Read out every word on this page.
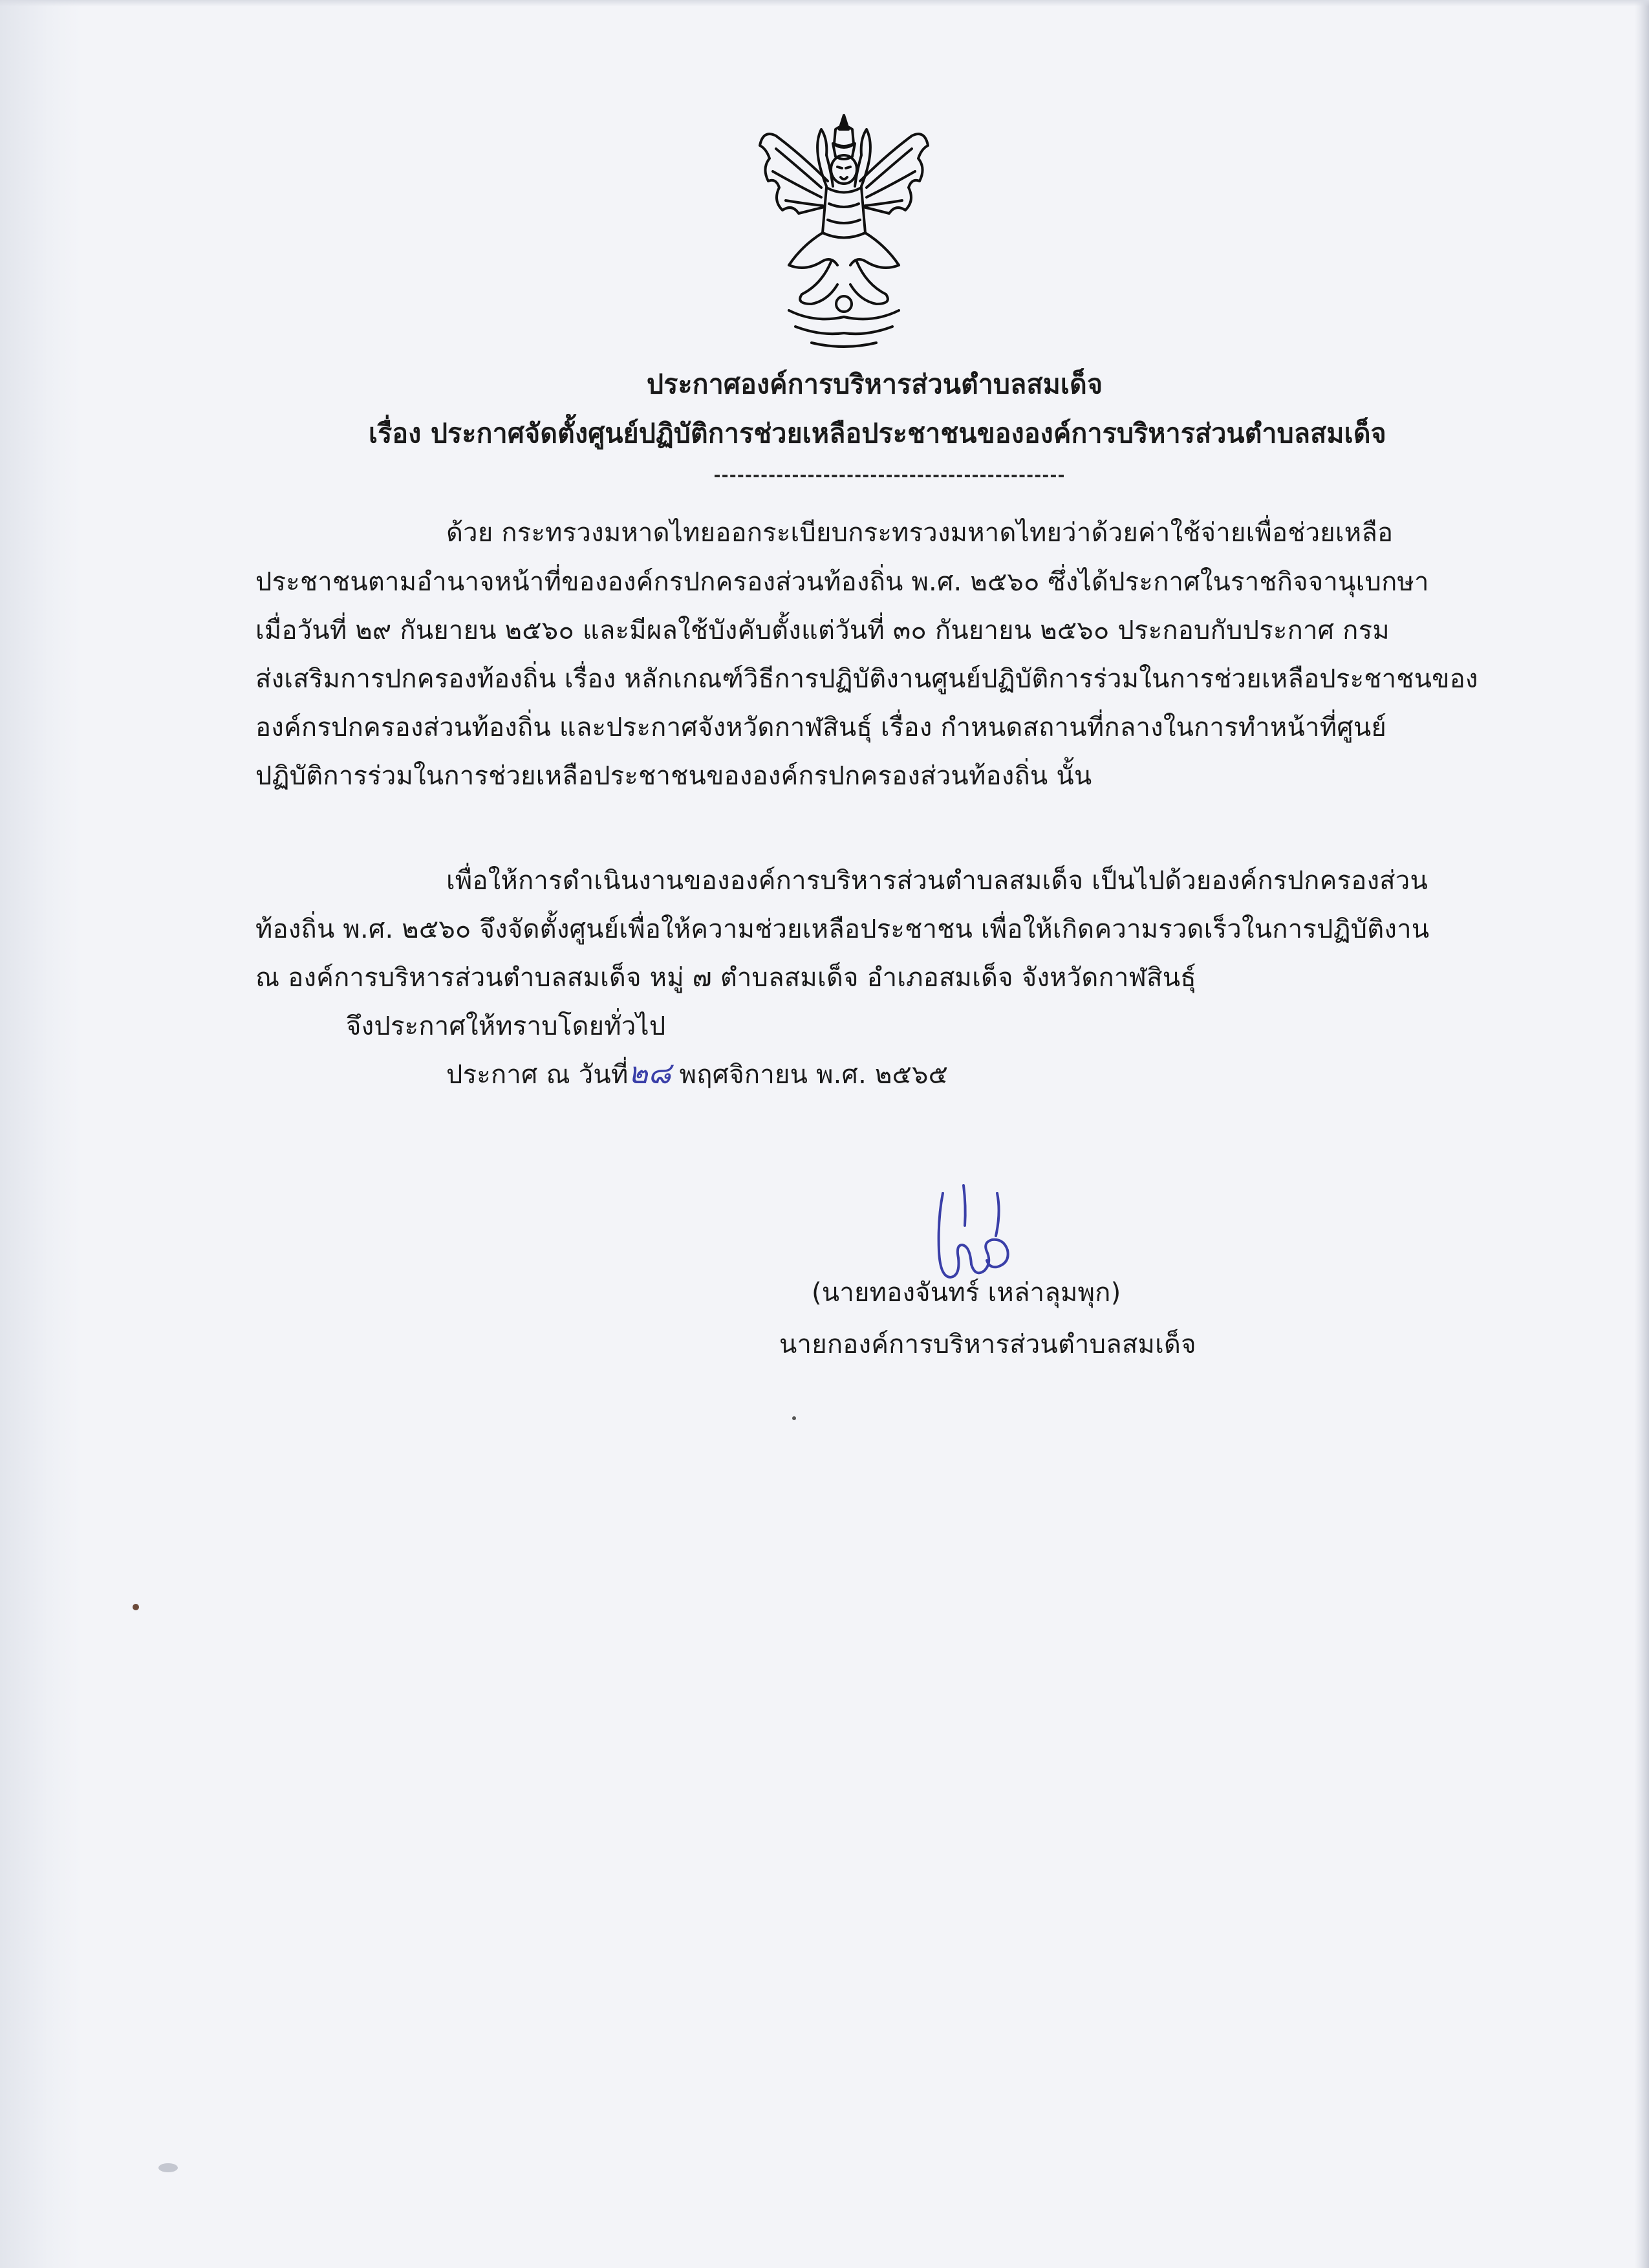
ประกาศองค์การบริหารส่วนตำบลสมเด็จ
เรื่อง ประกาศจัดตั้งศูนย์ปฏิบัติการช่วยเหลือประชาชนขององค์การบริหารส่วนตำบลสมเด็จ
ด้วย กระทรวงมหาดไทยออกระเบียบกระทรวงมหาดไทยว่าด้วยค่าใช้จ่ายเพื่อช่วยเหลือ
ประชาชนตามอำนาจหน้าที่ขององค์กรปกครองส่วนท้องถิ่น พ.ศ. ๒๕๖๐ ซึ่งได้ประกาศในราชกิจจานุเบกษา
เมื่อวันที่ ๒๙ กันยายน ๒๕๖๐ และมีผลใช้บังคับตั้งแต่วันที่ ๓๐ กันยายน ๒๕๖๐ ประกอบกับประกาศ กรม
ส่งเสริมการปกครองท้องถิ่น เรื่อง หลักเกณฑ์วิธีการปฏิบัติงานศูนย์ปฏิบัติการร่วมในการช่วยเหลือประชาชนของ
องค์กรปกครองส่วนท้องถิ่น และประกาศจังหวัดกาฬสินธุ์ เรื่อง กำหนดสถานที่กลางในการทำหน้าที่ศูนย์
ปฏิบัติการร่วมในการช่วยเหลือประชาชนขององค์กรปกครองส่วนท้องถิ่น นั้น
เพื่อให้การดำเนินงานขององค์การบริหารส่วนตำบลสมเด็จ เป็นไปด้วยองค์กรปกครองส่วน
ท้องถิ่น พ.ศ. ๒๕๖๐ จึงจัดตั้งศูนย์เพื่อให้ความช่วยเหลือประชาชน เพื่อให้เกิดความรวดเร็วในการปฏิบัติงาน
ณ องค์การบริหารส่วนตำบลสมเด็จ หมู่ ๗ ตำบลสมเด็จ อำเภอสมเด็จ จังหวัดกาฬสินธุ์
จึงประกาศให้ทราบโดยทั่วไป
ประกาศ ณ วันที่๒๘ พฤศจิกายน พ.ศ. ๒๕๖๕
(นายทองจันทร์ เหล่าลุมพุก)
นายกองค์การบริหารส่วนตำบลสมเด็จ
